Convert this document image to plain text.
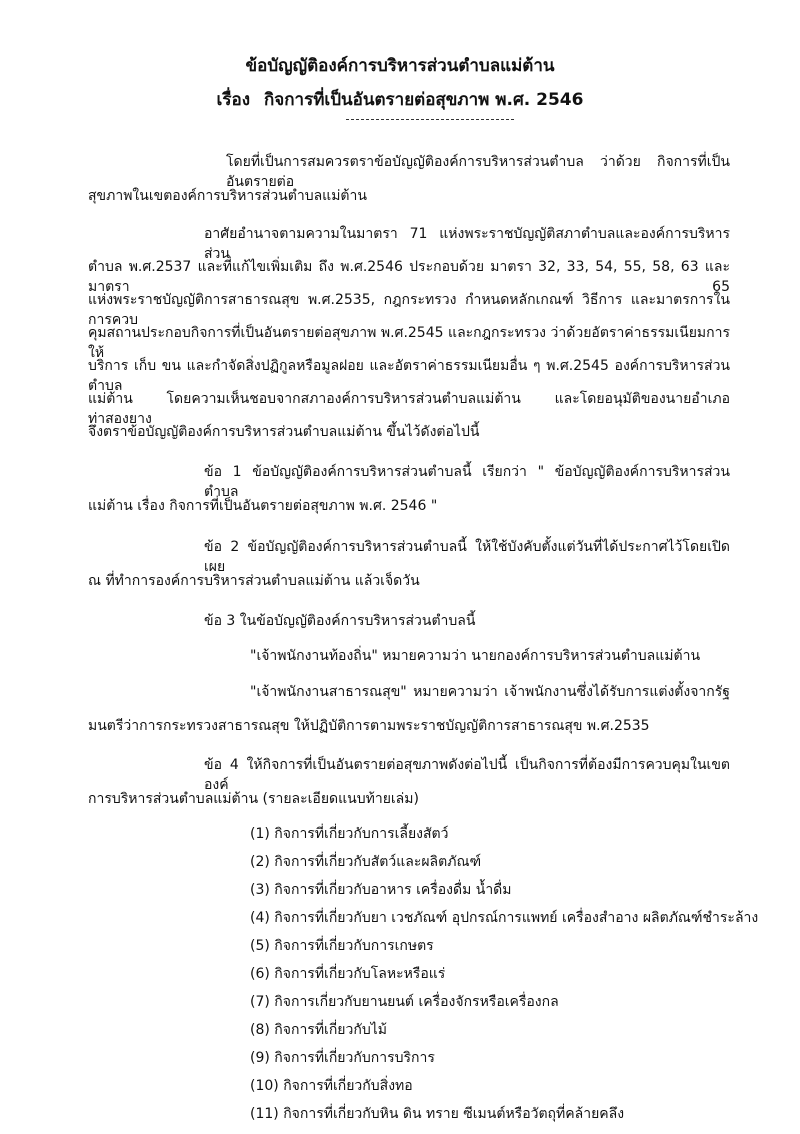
ข้อบัญญัติองค์การบริหารส่วนตำบลแม่ต้าน
เรื่อง กิจการที่เป็นอันตรายต่อสุขภาพ พ.ศ. 2546
โดยที่เป็นการสมควรตราข้อบัญญัติองค์การบริหารส่วนตำบล ว่าด้วย กิจการที่เป็นอันตรายต่อ
สุขภาพในเขตองค์การบริหารส่วนตำบลแม่ต้าน
อาศัยอำนาจตามความในมาตรา 71 แห่งพระราชบัญญัติสภาตำบลและองค์การบริหารส่วน
ตำบล พ.ศ.2537 และที่แก้ไขเพิ่มเติม ถึง พ.ศ.2546 ประกอบด้วย มาตรา 32, 33, 54, 55, 58, 63 และมาตรา 65
แห่งพระราชบัญญัติการสาธารณสุข พ.ศ.2535, กฎกระทรวง กำหนดหลักเกณฑ์ วิธีการ และมาตรการในการควบ
คุมสถานประกอบกิจการที่เป็นอันตรายต่อสุขภาพ พ.ศ.2545 และกฎกระทรวง ว่าด้วยอัตราค่าธรรมเนียมการให้
บริการ เก็บ ขน และกำจัดสิ่งปฏิกูลหรือมูลฝอย และอัตราค่าธรรมเนียมอื่น ๆ พ.ศ.2545 องค์การบริหารส่วนตำบล
แม่ต้าน โดยความเห็นชอบจากสภาองค์การบริหารส่วนตำบลแม่ต้าน และโดยอนุมัติของนายอำเภอท่าสองยาง
จึงตราข้อบัญญัติองค์การบริหารส่วนตำบลแม่ต้าน ขึ้นไว้ดังต่อไปนี้
ข้อ 1 ข้อบัญญัติองค์การบริหารส่วนตำบลนี้ เรียกว่า " ข้อบัญญัติองค์การบริหารส่วนตำบล
แม่ต้าน เรื่อง กิจการที่เป็นอันตรายต่อสุขภาพ พ.ศ. 2546 "
ข้อ 2 ข้อบัญญัติองค์การบริหารส่วนตำบลนี้ ให้ใช้บังคับตั้งแต่วันที่ได้ประกาศไว้โดยเปิดเผย
ณ ที่ทำการองค์การบริหารส่วนตำบลแม่ต้าน แล้วเจ็ดวัน
ข้อ 3 ในข้อบัญญัติองค์การบริหารส่วนตำบลนี้
"เจ้าพนักงานท้องถิ่น" หมายความว่า นายกองค์การบริหารส่วนตำบลแม่ต้าน
"เจ้าพนักงานสาธารณสุข" หมายความว่า เจ้าพนักงานซึ่งได้รับการแต่งตั้งจากรัฐ
มนตรีว่าการกระทรวงสาธารณสุข ให้ปฏิบัติการตามพระราชบัญญัติการสาธารณสุข พ.ศ.2535
ข้อ 4 ให้กิจการที่เป็นอันตรายต่อสุขภาพดังต่อไปนี้ เป็นกิจการที่ต้องมีการควบคุมในเขต องค์
การบริหารส่วนตำบลแม่ต้าน (รายละเอียดแนบท้ายเล่ม)
(1) กิจการที่เกี่ยวกับการเลี้ยงสัตว์
(2) กิจการที่เกี่ยวกับสัตว์และผลิตภัณฑ์
(3) กิจการที่เกี่ยวกับอาหาร เครื่องดื่ม น้ำดื่ม
(4) กิจการที่เกี่ยวกับยา เวชภัณฑ์ อุปกรณ์การแพทย์ เครื่องสำอาง ผลิตภัณฑ์ชำระล้าง
(5) กิจการที่เกี่ยวกับการเกษตร
(6) กิจการที่เกี่ยวกับโลหะหรือแร่
(7) กิจการเกี่ยวกับยานยนต์ เครื่องจักรหรือเครื่องกล
(8) กิจการที่เกี่ยวกับไม้
(9) กิจการที่เกี่ยวกับการบริการ
(10) กิจการที่เกี่ยวกับสิ่งทอ
(11) กิจการที่เกี่ยวกับหิน ดิน ทราย ซีเมนต์หรือวัตถุที่คล้ายคลึง
